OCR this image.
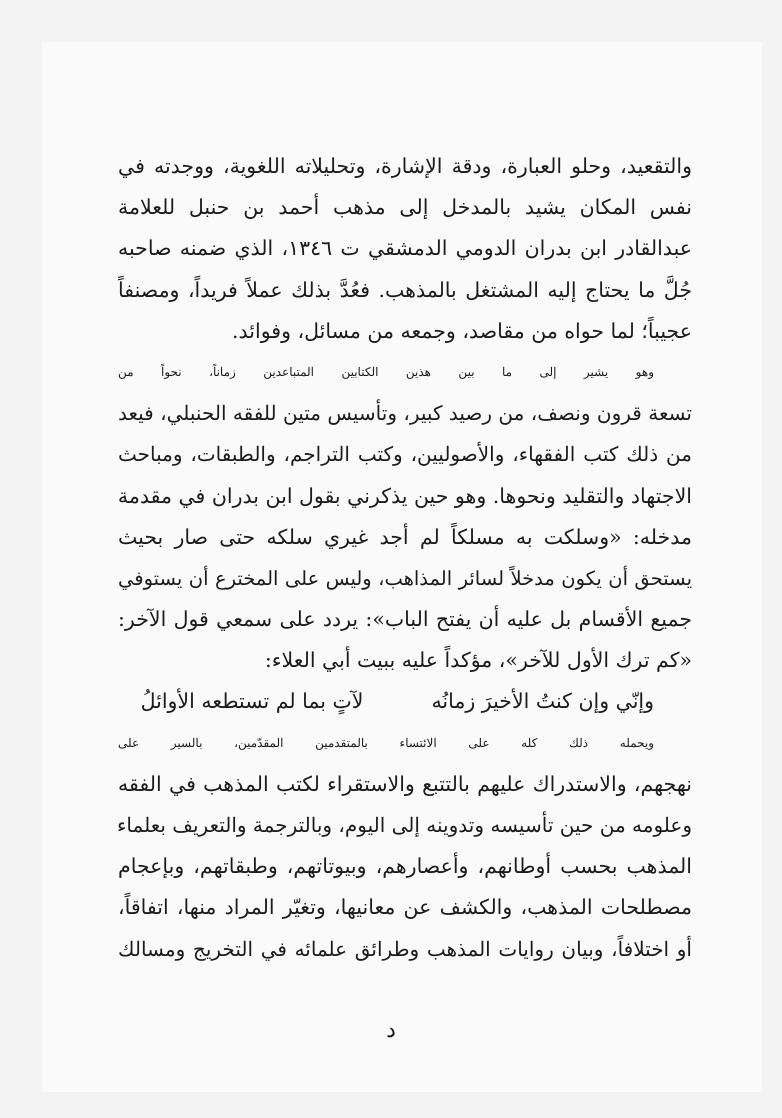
والتقعيد، وحلو العبارة، ودقة الإشارة، وتحليلاته اللغوية، ووجدته في
نفس المكان يشيد بالمدخل إلى مذهب أحمد بن حنبل للعلامة
عبدالقادر ابن بدران الدومي الدمشقي ت ١٣٤٦، الذي ضمنه صاحبه
جُلَّ ما يحتاج إليه المشتغل بالمذهب. فعُدَّ بذلك عملاً فريداً، ومصنفاً
عجيباً؛ لما حواه من مقاصد، وجمعه من مسائل، وفوائد.
وهو يشير إلى ما بين هذين الكتابين المتباعدين زماناً، نحواً من
تسعة قرون ونصف، من رصيد كبير، وتأسيس متين للفقه الحنبلي، فيعد
من ذلك كتب الفقهاء، والأصوليين، وكتب التراجم، والطبقات، ومباحث
الاجتهاد والتقليد ونحوها. وهو حين يذكرني بقول ابن بدران في مقدمة
مدخله: «وسلكت به مسلكاً لم أجد غيري سلكه حتى صار بحيث
يستحق أن يكون مدخلاً لسائر المذاهب، وليس على المخترع أن يستوفي
جميع الأقسام بل عليه أن يفتح الباب»: يردد على سمعي قول الآخر:
«كم ترك الأول للآخر»، مؤكداً عليه ببيت أبي العلاء:
وإنّي وإن كنتُ الأخيرَ زمانُه
لآتٍ بما لم تستطعه الأوائلُ
ويحمله ذلك كله على الائتساء بالمتقدمين المقدّمين، بالسير على
نهجهم، والاستدراك عليهم بالتتبع والاستقراء لكتب المذهب في الفقه
وعلومه من حين تأسيسه وتدوينه إلى اليوم، وبالترجمة والتعريف بعلماء
المذهب بحسب أوطانهم، وأعصارهم، وبيوتاتهم، وطبقاتهم، وبإعجام
مصطلحات المذهب، والكشف عن معانيها، وتغيّر المراد منها، اتفاقاً،
أو اختلافاً، وبيان روايات المذهب وطرائق علمائه في التخريج ومسالك
د
